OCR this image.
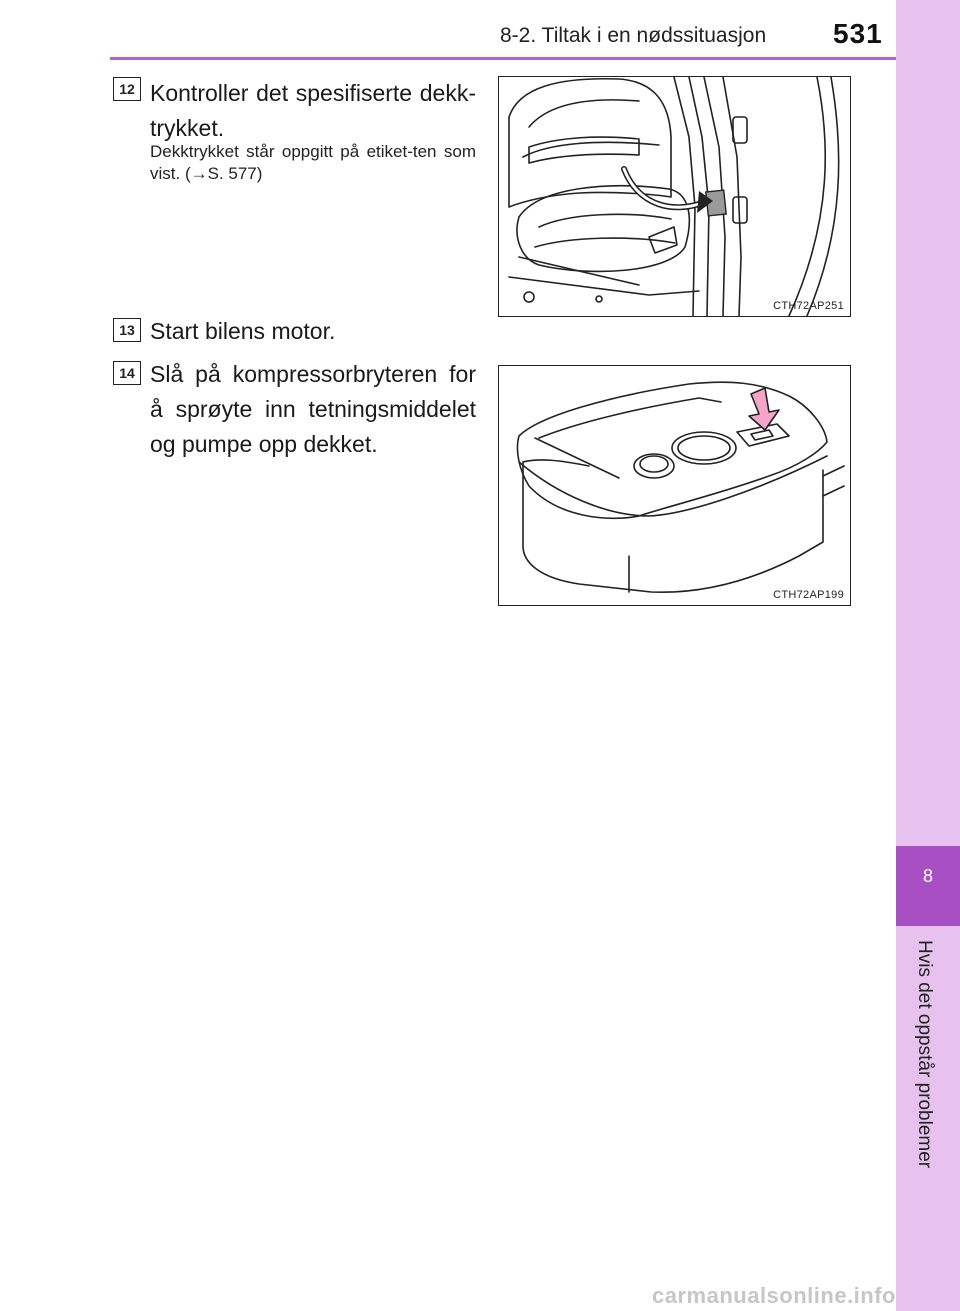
8-2. Tiltak i en nødssituasjon 531
8
Hvis det oppstår problemer
12 Kontroller det spesifiserte dekk-trykket.
Dekktrykket står oppgitt på etiket-ten som vist. (→S. 577)
CTH72AP251
13 Start bilens motor.
14 Slå på kompressorbryteren for å sprøyte inn tetningsmiddelet og pumpe opp dekket.
CTH72AP199
carmanualsonline.info
